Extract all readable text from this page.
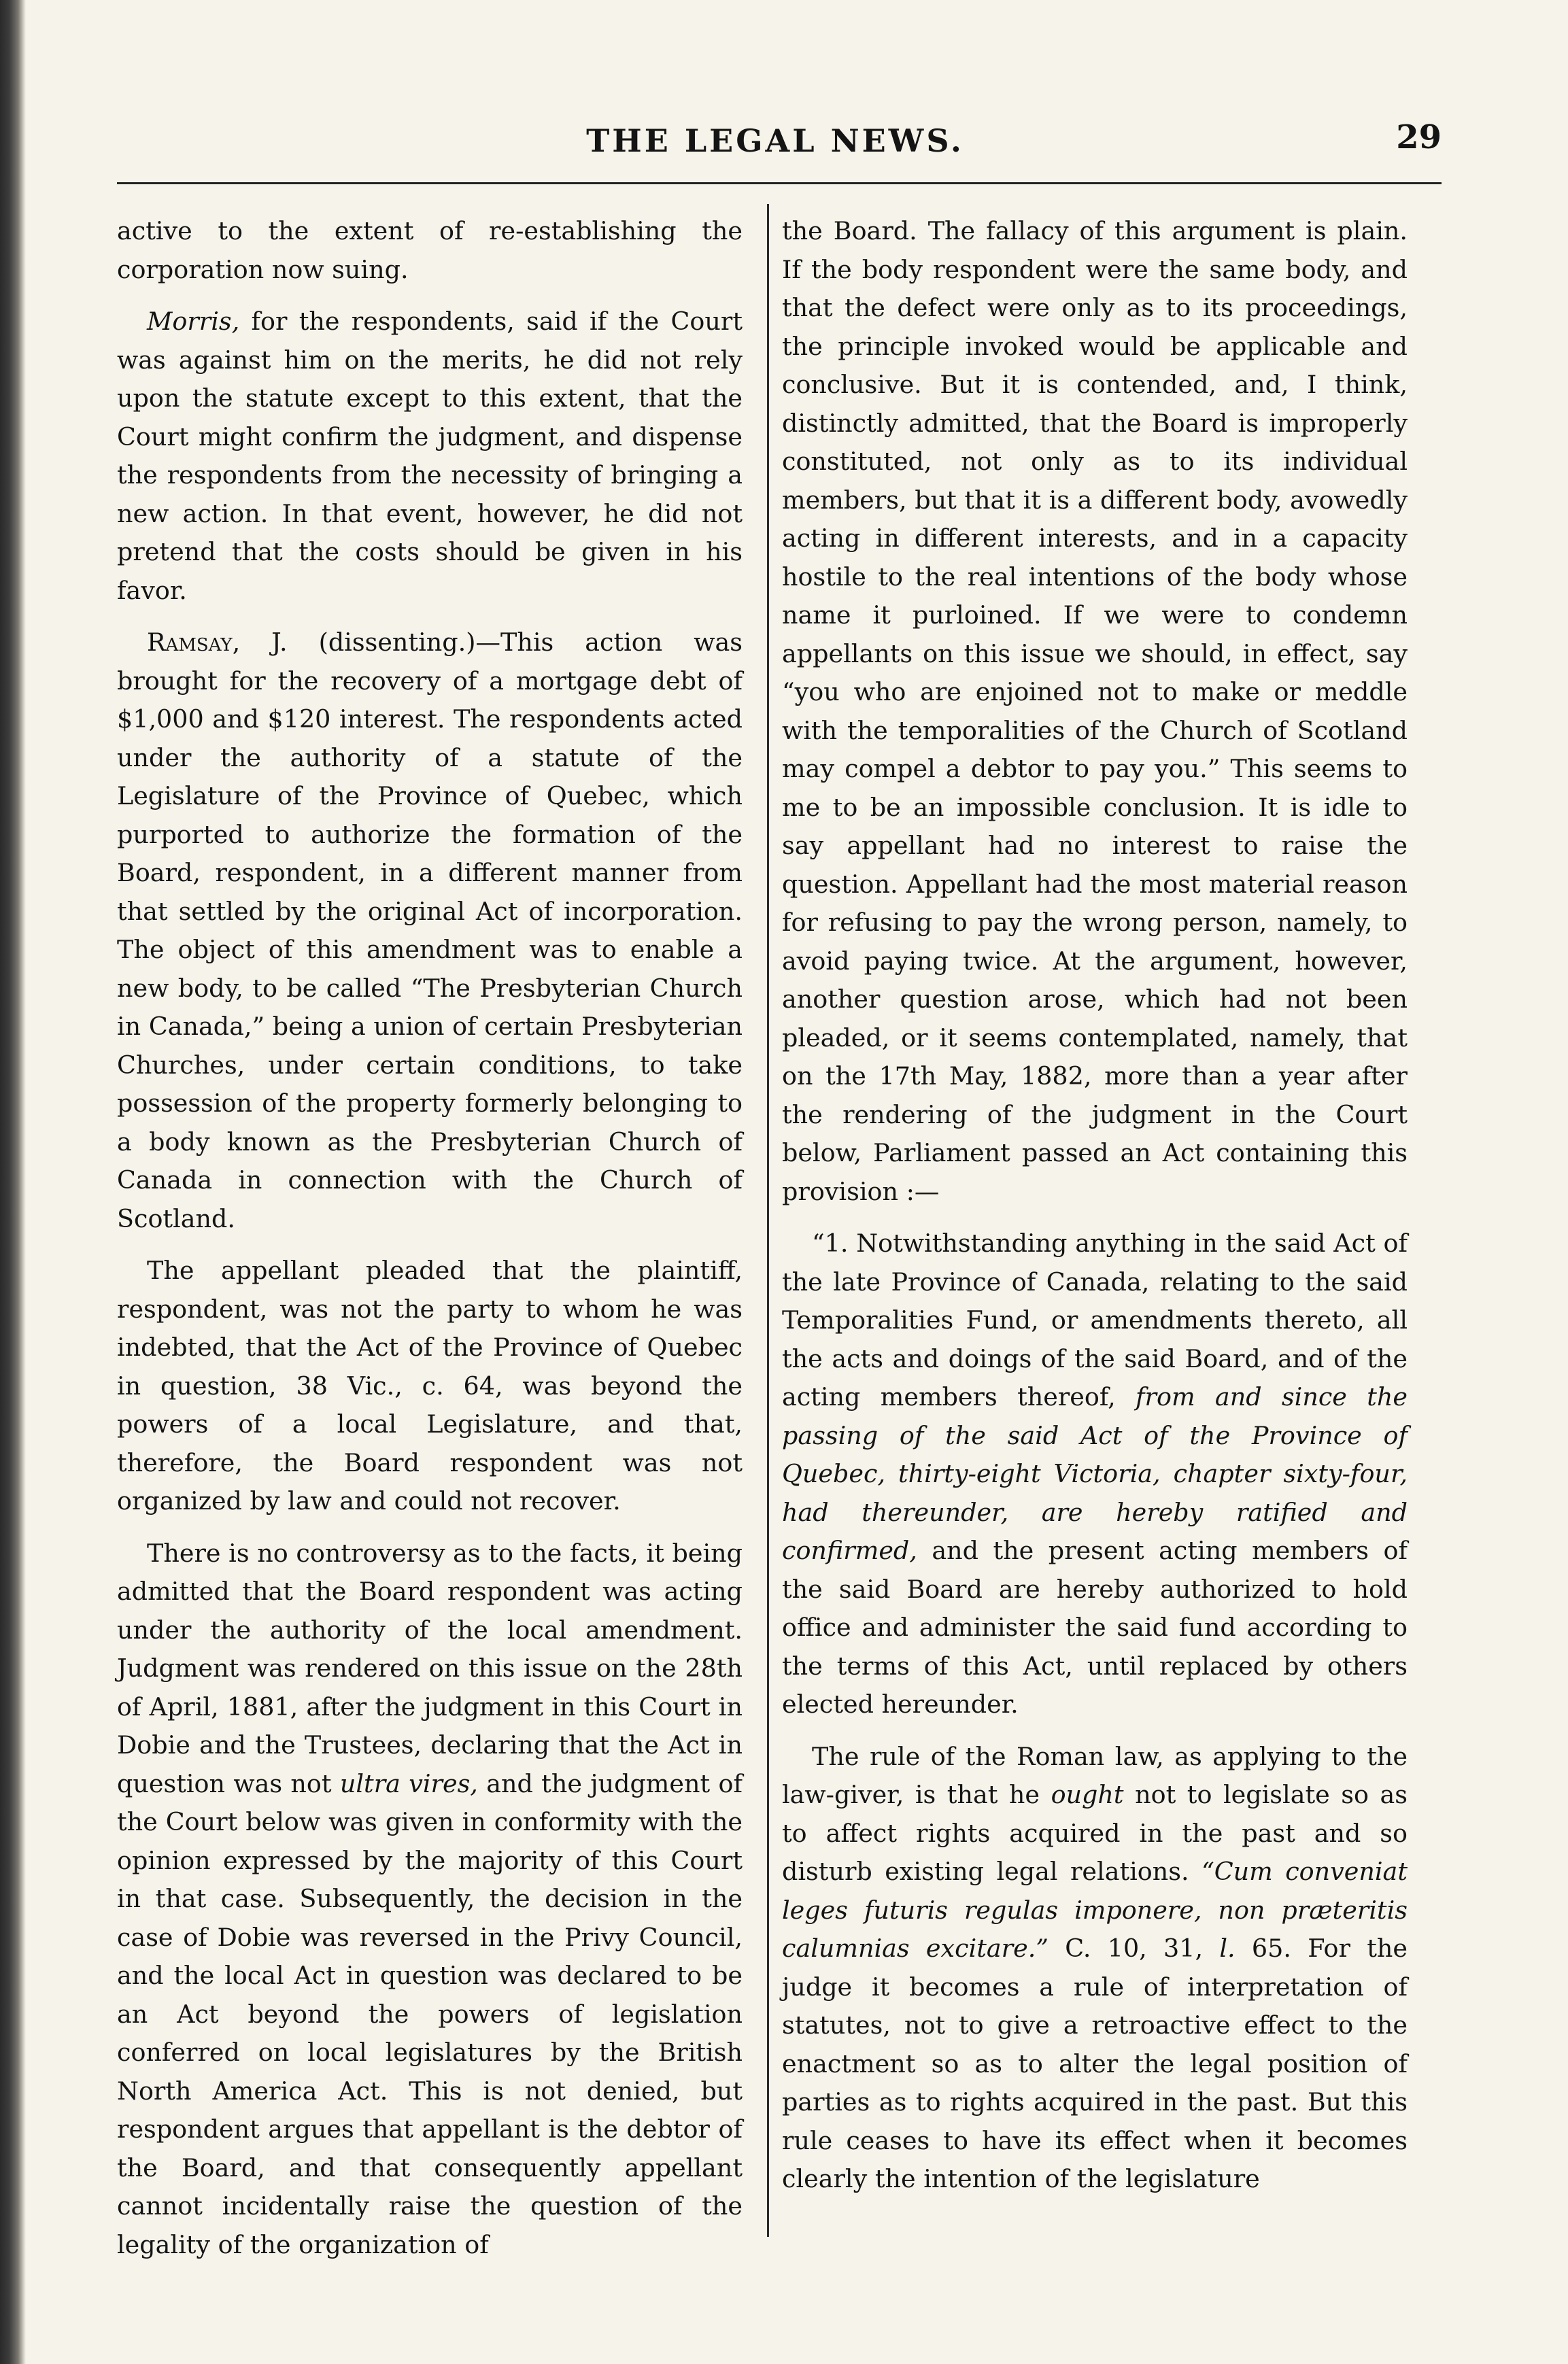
THE LEGAL NEWS.	29

active to the extent of re-establishing the corporation now suing.

Morris, for the respondents, said if the Court was against him on the merits, he did not rely upon the statute except to this extent, that the Court might confirm the judgment, and dispense the respondents from the necessity of bringing a new action. In that event, however, he did not pretend that the costs should be given in his favor.

Ramsay, J. (dissenting.)—This action was brought for the recovery of a mortgage debt of $1,000 and $120 interest. The respondents acted under the authority of a statute of the Legislature of the Province of Quebec, which purported to authorize the formation of the Board, respondent, in a different manner from that settled by the original Act of incorporation. The object of this amendment was to enable a new body, to be called “The Presbyterian Church in Canada,” being a union of certain Presbyterian Churches, under certain conditions, to take possession of the property formerly belonging to a body known as the Presbyterian Church of Canada in connection with the Church of Scotland.

The appellant pleaded that the plaintiff, respondent, was not the party to whom he was indebted, that the Act of the Province of Quebec in question, 38 Vic., c. 64, was beyond the powers of a local Legislature, and that, therefore, the Board respondent was not organized by law and could not recover.

There is no controversy as to the facts, it being admitted that the Board respondent was acting under the authority of the local amendment. Judgment was rendered on this issue on the 28th of April, 1881, after the judgment in this Court in Dobie and the Trustees, declaring that the Act in question was not ultra vires, and the judgment of the Court below was given in conformity with the opinion expressed by the majority of this Court in that case. Subsequently, the decision in the case of Dobie was reversed in the Privy Council, and the local Act in question was declared to be an Act beyond the powers of legislation conferred on local legislatures by the British North America Act. This is not denied, but respondent argues that appellant is the debtor of the Board, and that consequently appellant cannot incidentally raise the question of the legality of the organization of

the Board. The fallacy of this argument is plain. If the body respondent were the same body, and that the defect were only as to its proceedings, the principle invoked would be applicable and conclusive. But it is contended, and, I think, distinctly admitted, that the Board is improperly constituted, not only as to its individual members, but that it is a different body, avowedly acting in different interests, and in a capacity hostile to the real intentions of the body whose name it purloined. If we were to condemn appellants on this issue we should, in effect, say “you who are enjoined not to make or meddle with the temporalities of the Church of Scotland may compel a debtor to pay you.” This seems to me to be an impossible conclusion. It is idle to say appellant had no interest to raise the question. Appellant had the most material reason for refusing to pay the wrong person, namely, to avoid paying twice. At the argument, however, another question arose, which had not been pleaded, or it seems contemplated, namely, that on the 17th May, 1882, more than a year after the rendering of the judgment in the Court below, Parliament passed an Act containing this provision :—

“1. Notwithstanding anything in the said Act of the late Province of Canada, relating to the said Temporalities Fund, or amendments thereto, all the acts and doings of the said Board, and of the acting members thereof, from and since the passing of the said Act of the Province of Quebec, thirty-eight Victoria, chapter sixty-four, had thereunder, are hereby ratified and confirmed, and the present acting members of the said Board are hereby authorized to hold office and administer the said fund according to the terms of this Act, until replaced by others elected hereunder.

The rule of the Roman law, as applying to the law-giver, is that he ought not to legislate so as to affect rights acquired in the past and so disturb existing legal relations. “Cum conveniat leges futuris regulas imponere, non præteritis calumnias excitare.” C. 10, 31, l. 65. For the judge it becomes a rule of interpretation of statutes, not to give a retroactive effect to the enactment so as to alter the legal position of parties as to rights acquired in the past. But this rule ceases to have its effect when it becomes clearly the intention of the legislature
